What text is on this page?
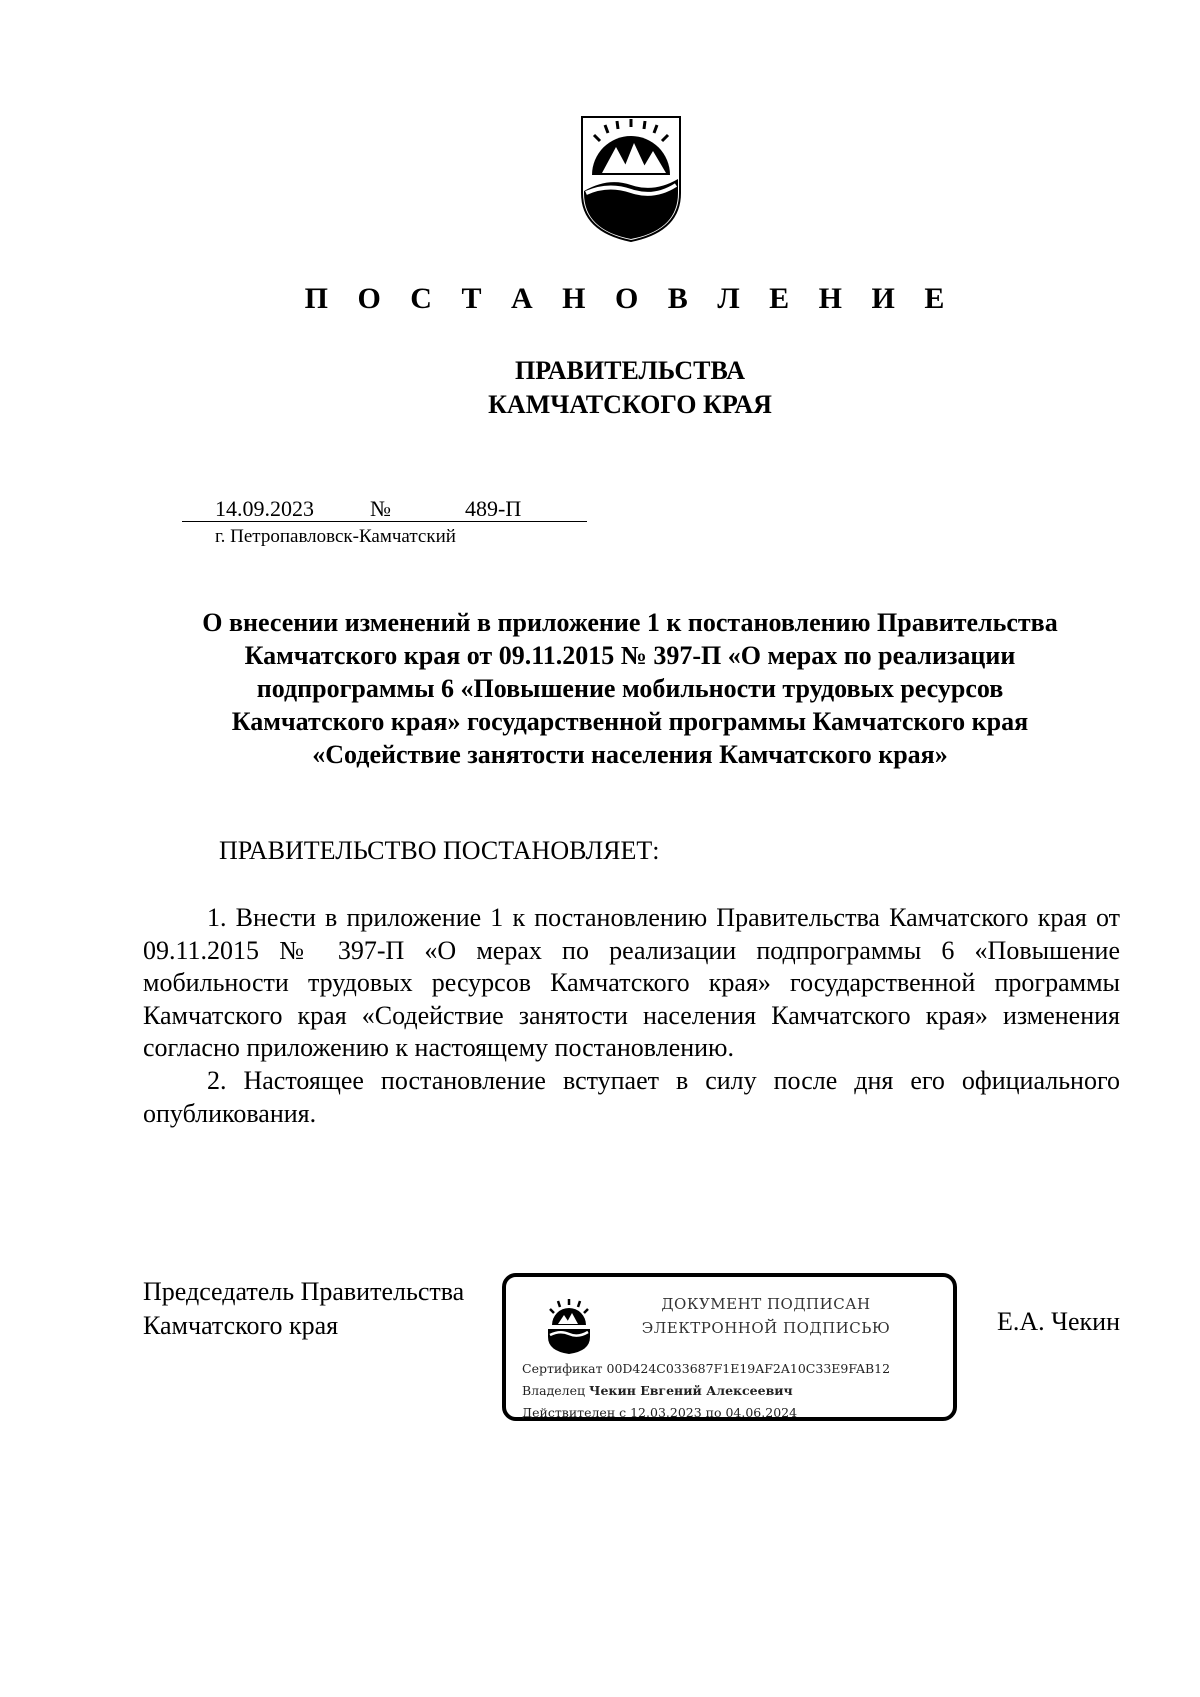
П О С Т А Н О В Л Е Н И Е
ПРАВИТЕЛЬСТВА
КАМЧАТСКОГО КРАЯ
14.09.2023	№	489-П
г. Петропавловск-Камчатский
О внесении изменений в приложение 1 к постановлению Правительства
Камчатского края от 09.11.2015 № 397-П «О мерах по реализации
подпрограммы 6 «Повышение мобильности трудовых ресурсов
Камчатского края» государственной программы Камчатского края
«Содействие занятости населения Камчатского края»
ПРАВИТЕЛЬСТВО ПОСТАНОВЛЯЕТ:

1. Внести в приложение 1 к постановлению Правительства Камчатского края от 09.11.2015 № 397-П «О мерах по реализации подпрограммы 6 «Повышение мобильности трудовых ресурсов Камчатского края» государственной программы Камчатского края «Содействие занятости населения Камчатского края» изменения согласно приложению к настоящему постановлению.

2. Настоящее постановление вступает в силу после дня его официального опубликования.

Председатель Правительства
Камчатского края	Е.А. Чекин
ДОКУМЕНТ ПОДПИСАН
ЭЛЕКТРОННОЙ ПОДПИСЬЮ
Сертификат 00D424C033687F1E19AF2A10C33E9FAB12
Владелец Чекин Евгений Алексеевич
Действителен с 12.03.2023 по 04.06.2024
